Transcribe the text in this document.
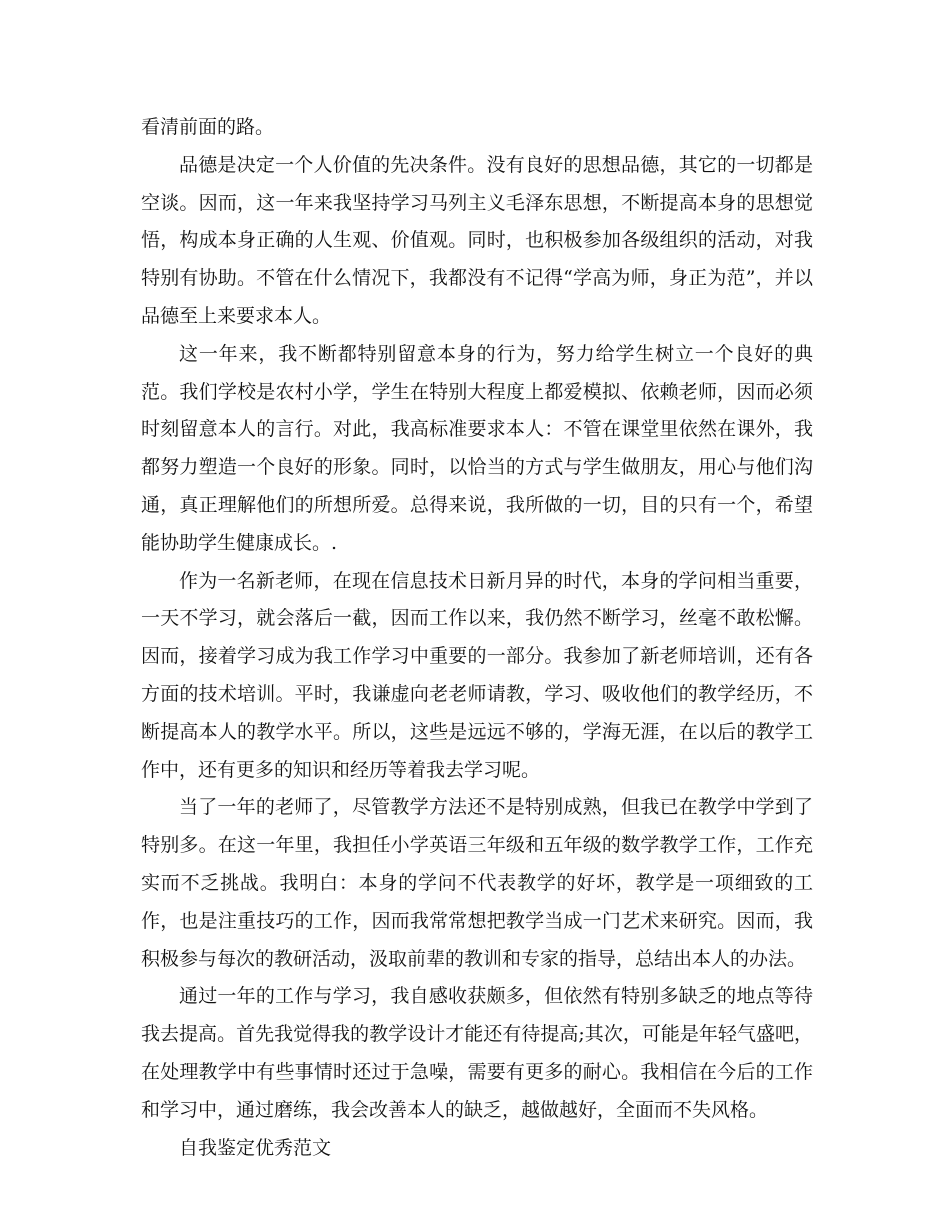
看清前面的路。

品德是决定一个人价值的先决条件。没有良好的思想品德，其它的一切都是空谈。因而，这一年来我坚持学习马列主义毛泽东思想，不断提高本身的思想觉悟，构成本身正确的人生观、价值观。同时，也积极参加各级组织的活动，对我特别有协助。不管在什么情况下，我都没有不记得“学高为师，身正为范”，并以品德至上来要求本人。

这一年来，我不断都特别留意本身的行为，努力给学生树立一个良好的典范。我们学校是农村小学，学生在特别大程度上都爱模拟、依赖老师，因而必须时刻留意本人的言行。对此，我高标准要求本人：不管在课堂里依然在课外，我都努力塑造一个良好的形象。同时，以恰当的方式与学生做朋友，用心与他们沟通，真正理解他们的所想所爱。总得来说，我所做的一切，目的只有一个，希望能协助学生健康成长。.

作为一名新老师，在现在信息技术日新月异的时代，本身的学问相当重要，一天不学习，就会落后一截，因而工作以来，我仍然不断学习，丝毫不敢松懈。因而，接着学习成为我工作学习中重要的一部分。我参加了新老师培训，还有各方面的技术培训。平时，我谦虚向老老师请教，学习、吸收他们的教学经历，不断提高本人的教学水平。所以，这些是远远不够的，学海无涯，在以后的教学工作中，还有更多的知识和经历等着我去学习呢。

当了一年的老师了，尽管教学方法还不是特别成熟，但我已在教学中学到了特别多。在这一年里，我担任小学英语三年级和五年级的数学教学工作，工作充实而不乏挑战。我明白：本身的学问不代表教学的好坏，教学是一项细致的工作，也是注重技巧的工作，因而我常常想把教学当成一门艺术来研究。因而，我积极参与每次的教研活动，汲取前辈的教训和专家的指导，总结出本人的办法。

通过一年的工作与学习，我自感收获颇多，但依然有特别多缺乏的地点等待我去提高。首先我觉得我的教学设计才能还有待提高;其次，可能是年轻气盛吧，在处理教学中有些事情时还过于急噪，需要有更多的耐心。我相信在今后的工作和学习中，通过磨练，我会改善本人的缺乏，越做越好，全面而不失风格。

自我鉴定优秀范文
